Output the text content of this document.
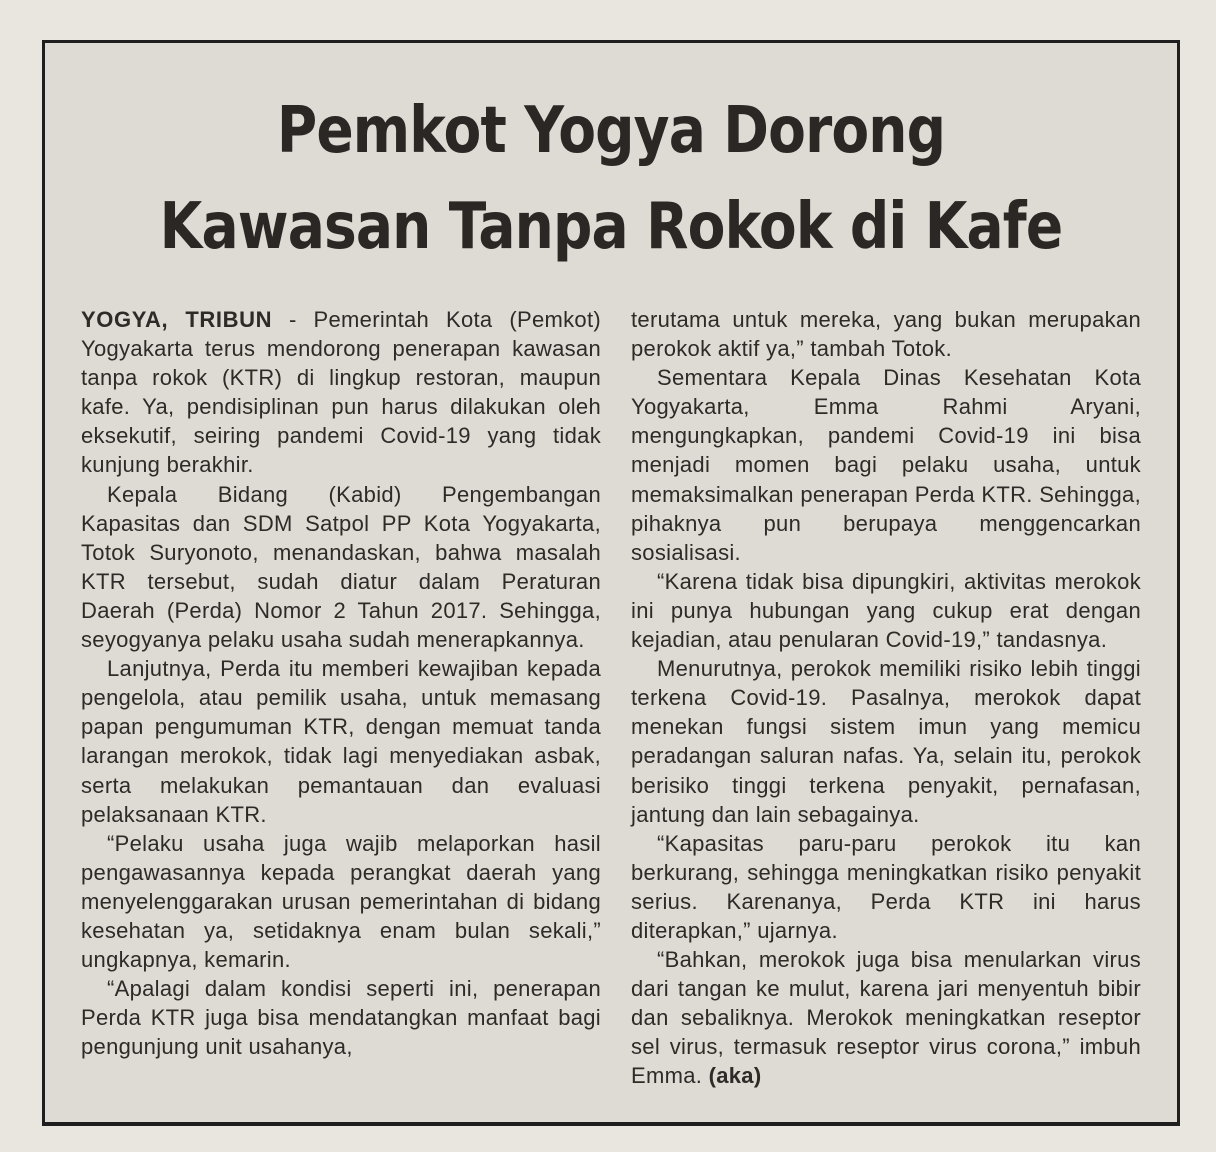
Pemkot Yogya Dorong
Kawasan Tanpa Rokok di Kafe

YOGYA, TRIBUN - Pemerintah Kota (Pemkot) Yogyakarta terus mendorong penerapan kawasan tanpa rokok (KTR) di lingkup restoran, maupun kafe. Ya, pendisiplinan pun harus dilakukan oleh eksekutif, seiring pandemi Covid-19 yang tidak kunjung berakhir.

Kepala Bidang (Kabid) Pengembangan Kapasitas dan SDM Satpol PP Kota Yogyakarta, Totok Suryonoto, menandaskan, bahwa masalah KTR tersebut, sudah diatur dalam Peraturan Daerah (Perda) Nomor 2 Tahun 2017. Sehingga, seyogyanya pelaku usaha sudah menerapkannya.

Lanjutnya, Perda itu memberi kewajiban kepada pengelola, atau pemilik usaha, untuk memasang papan pengumuman KTR, dengan memuat tanda larangan merokok, tidak lagi menyediakan asbak, serta melakukan pemantauan dan evaluasi pelaksanaan KTR.

“Pelaku usaha juga wajib melaporkan hasil pengawasannya kepada perangkat daerah yang menyelenggarakan urusan pemerintahan di bidang kesehatan ya, setidaknya enam bulan sekali,” ungkapnya, kemarin.

“Apalagi dalam kondisi seperti ini, penerapan Perda KTR juga bisa mendatangkan manfaat bagi pengunjung unit usahanya,

terutama untuk mereka, yang bukan merupakan perokok aktif ya,” tambah Totok.

Sementara Kepala Dinas Kesehatan Kota Yogyakarta, Emma Rahmi Aryani, mengungkapkan, pandemi Covid-19 ini bisa menjadi momen bagi pelaku usaha, untuk memaksimalkan penerapan Perda KTR. Sehingga, pihaknya pun berupaya menggencarkan sosialisasi.

“Karena tidak bisa dipungkiri, aktivitas merokok ini punya hubungan yang cukup erat dengan kejadian, atau penularan Covid-19,” tandasnya.

Menurutnya, perokok memiliki risiko lebih tinggi terkena Covid-19. Pasalnya, merokok dapat menekan fungsi sistem imun yang memicu peradangan saluran nafas. Ya, selain itu, perokok berisiko tinggi terkena penyakit, pernafasan, jantung dan lain sebagainya.

“Kapasitas paru-paru perokok itu kan berkurang, sehingga meningkatkan risiko penyakit serius. Karenanya, Perda KTR ini harus diterapkan,” ujarnya.

“Bahkan, merokok juga bisa menularkan virus dari tangan ke mulut, karena jari menyentuh bibir dan sebaliknya. Merokok meningkatkan reseptor sel virus, termasuk reseptor virus corona,” imbuh Emma. (aka)
